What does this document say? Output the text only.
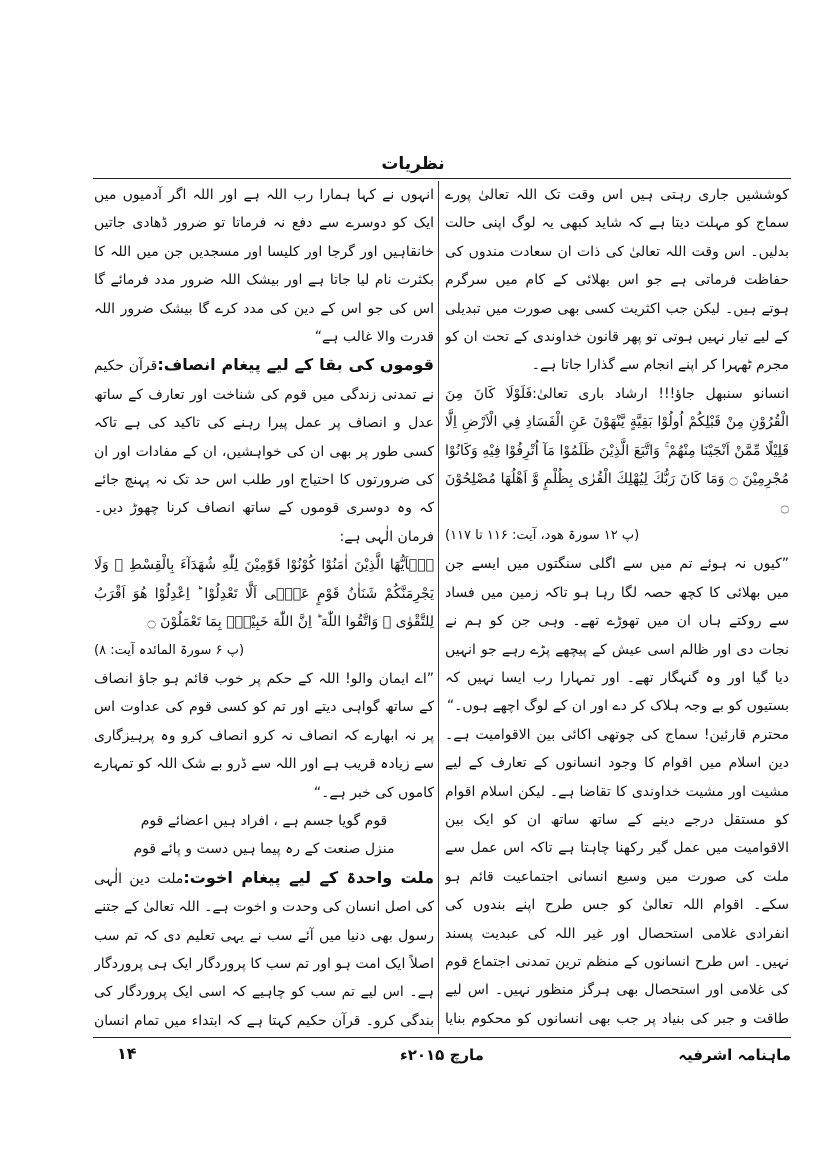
نظریات

کوششیں جاری رہتی ہیں اس وقت تک اللہ تعالیٰ پورے سماج کو مہلت دیتا ہے کہ شاید کبھی یہ لوگ اپنی حالت بدلیں۔ اس وقت اللہ تعالیٰ کی ذات ان سعادت مندوں کی حفاظت فرماتی ہے جو اس بھلائی کے کام میں سرگرم ہوتے ہیں۔ لیکن جب اکثریت کسی بھی صورت میں تبدیلی کے لیے تیار نہیں ہوتی تو پھر قانون خداوندی کے تحت ان کو مجرم ٹھہرا کر اپنے انجام سے گذارا جاتا ہے۔

انسانو سنبھل جاؤ!!! ارشاد باری تعالیٰ:فَلَوْلَا كَانَ مِنَ الْقُرُوْنِ مِنْ قَبْلِكُمْ اُولُوْا بَقِيَّةٍ يَّنْهَوْنَ عَنِ الْفَسَادِ فِي الْاَرْضِ اِلَّا قَلِيْلًا مِّمَّنْ اَنْجَيْنَا مِنْهُمْ ۚ وَاتَّبَعَ الَّذِيْنَ ظَلَمُوْا مَآ اُتْرِفُوْا فِيْهِ وَكَانُوْا مُجْرِمِيْنَ ۝ وَمَا كَانَ رَبُّكَ لِيُهْلِكَ الْقُرٰى بِظُلْمٍ وَّ اَهْلُهَا مُصْلِحُوْنَ ۝

(پ ۱۲ سورۃ ھود، آیت: ۱۱۶ تا ۱۱۷)

”کیوں نہ ہوئے تم میں سے اگلی سنگتوں میں ایسے جن میں بھلائی کا کچھ حصہ لگا رہا ہو تاکہ زمین میں فساد سے روکتے ہاں ان میں تھوڑے تھے۔ وہی جن کو ہم نے نجات دی اور ظالم اسی عیش کے پیچھے پڑے رہے جو انہیں دیا گیا اور وہ گنہگار تھے۔ اور تمہارا رب ایسا نہیں کہ بستیوں کو بے وجہ ہلاک کر دے اور ان کے لوگ اچھے ہوں۔“

محترم قارئین! سماج کی چوتھی اکائی بین الاقوامیت ہے۔ دین اسلام میں اقوام کا وجود انسانوں کے تعارف کے لیے مشیت اور مشیت خداوندی کا تقاضا ہے۔ لیکن اسلام اقوام کو مستقل درجے دینے کے ساتھ ساتھ ان کو ایک بین الاقوامیت میں عمل گیر رکھنا چاہتا ہے تاکہ اس عمل سے ملت کی صورت میں وسیع انسانی اجتماعیت قائم ہو سکے۔ اقوام اللہ تعالیٰ کو جس طرح اپنے بندوں کی انفرادی غلامی استحصال اور غیر اللہ کی عبدیت پسند نہیں۔ اس طرح انسانوں کے منظم ترین تمدنی اجتماع قوم کی غلامی اور استحصال بھی ہرگز منظور نہیں۔ اس لیے طاقت و جبر کی بنیاد پر جب بھی انسانوں کو محکوم بنایا

انہوں نے کہا ہمارا رب اللہ ہے اور اللہ اگر آدمیوں میں ایک کو دوسرے سے دفع نہ فرماتا تو ضرور ڈھادی جاتیں خانقاہیں اور گرجا اور کلیسا اور مسجدیں جن میں اللہ کا بکثرت نام لیا جاتا ہے اور بیشک اللہ ضرور مدد فرمائے گا اس کی جو اس کے دین کی مدد کرے گا بیشک ضرور اللہ قدرت والا غالب ہے“

قوموں کی بقا کے لیے پیغام انصاف:قرآن حکیم نے تمدنی زندگی میں قوم کی شناخت اور تعارف کے ساتھ عدل و انصاف پر عمل پیرا رہنے کی تاکید کی ہے تاکہ کسی طور پر بھی ان کی خواہشیں، ان کے مفادات اور ان کی ضرورتوں کا احتیاج اور طلب اس حد تک نہ پہنچ جائے کہ وہ دوسری قوموں کے ساتھ انصاف کرنا چھوڑ دیں۔ فرمان الٰہی ہے:

يٰۤاَيُّهَا الَّذِيْنَ اٰمَنُوْا كُوْنُوْا قَوّٰمِيْنَ لِلّٰهِ شُهَدَآءَ بِالْقِسْطِ ۫ وَلَا يَجْرِمَنَّكُمْ شَنَاٰنُ قَوْمٍ عَلٰۤى اَلَّا تَعْدِلُوْا ؕ اِعْدِلُوْا هُوَ اَقْرَبُ لِلتَّقْوٰى ۫ وَاتَّقُوا اللّٰهَ ؕ اِنَّ اللّٰهَ خَبِيْرٌۢ بِمَا تَعْمَلُوْنَ ۝

(پ ۶ سورۃ المائدہ آیت: ۸)

”اے ایمان والو! اللہ کے حکم پر خوب قائم ہو جاؤ انصاف کے ساتھ گواہی دیتے اور تم کو کسی قوم کی عداوت اس پر نہ ابھارے کہ انصاف نہ کرو انصاف کرو وہ پرہیزگاری سے زیادہ قریب ہے اور اللہ سے ڈرو بے شک اللہ کو تمہارے کاموں کی خبر ہے۔“

قوم گویا جسم ہے ، افراد ہیں اعضائے قوم

منزل صنعت کے رہ پیما ہیں دست و پائے قوم

ملت واحدۃ کے لیے پیغام اخوت:ملت دین الٰہی کی اصل انسان کی وحدت و اخوت ہے۔ اللہ تعالیٰ کے جتنے رسول بھی دنیا میں آئے سب نے یہی تعلیم دی کہ تم سب اصلاً ایک امت ہو اور تم سب کا پروردگار ایک ہی پروردگار ہے۔ اس لیے تم سب کو چاہیے کہ اسی ایک پروردگار کی بندگی کرو۔ قرآن حکیم کہتا ہے کہ ابتداء میں تمام انسان

ماہنامہ اشرفیہ
مارچ ۲۰۱۵ء
۱۴
